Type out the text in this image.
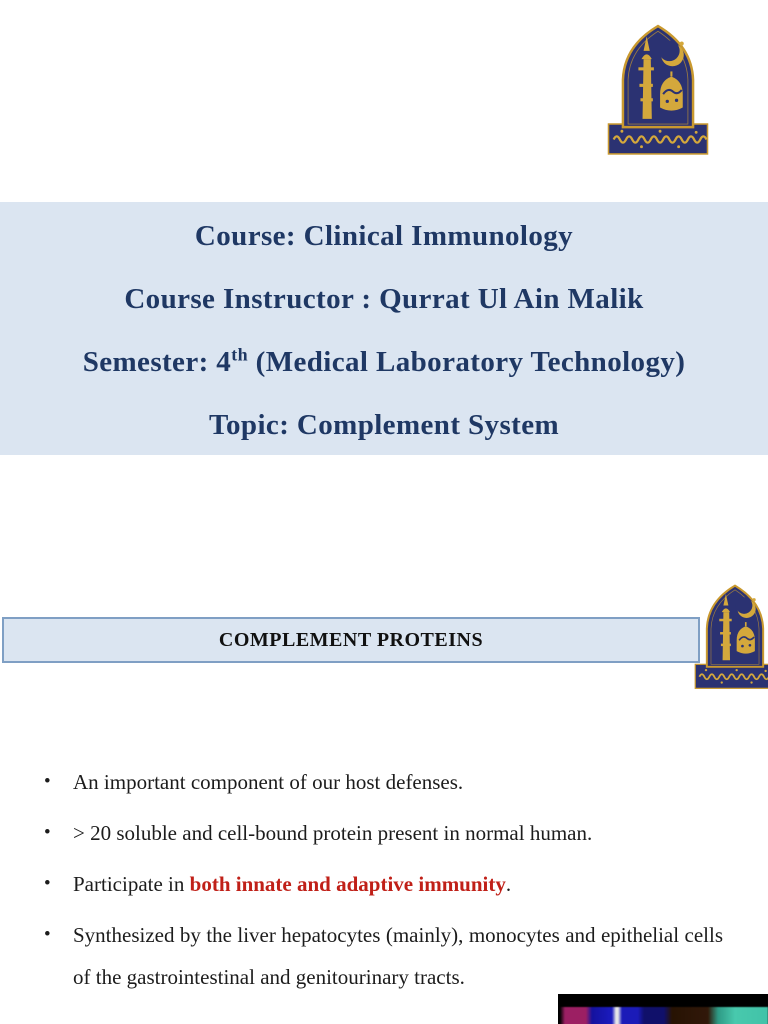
Course: Clinical Immunology
Course Instructor : Qurrat Ul Ain Malik
Semester: 4th (Medical Laboratory Technology)
Topic: Complement System
COMPLEMENT PROTEINS
• An important component of our host defenses.
• > 20 soluble and cell-bound protein present in normal human.
• Participate in both innate and adaptive immunity.
• Synthesized by the liver hepatocytes (mainly), monocytes and epithelial cells of the gastrointestinal and genitourinary tracts.
